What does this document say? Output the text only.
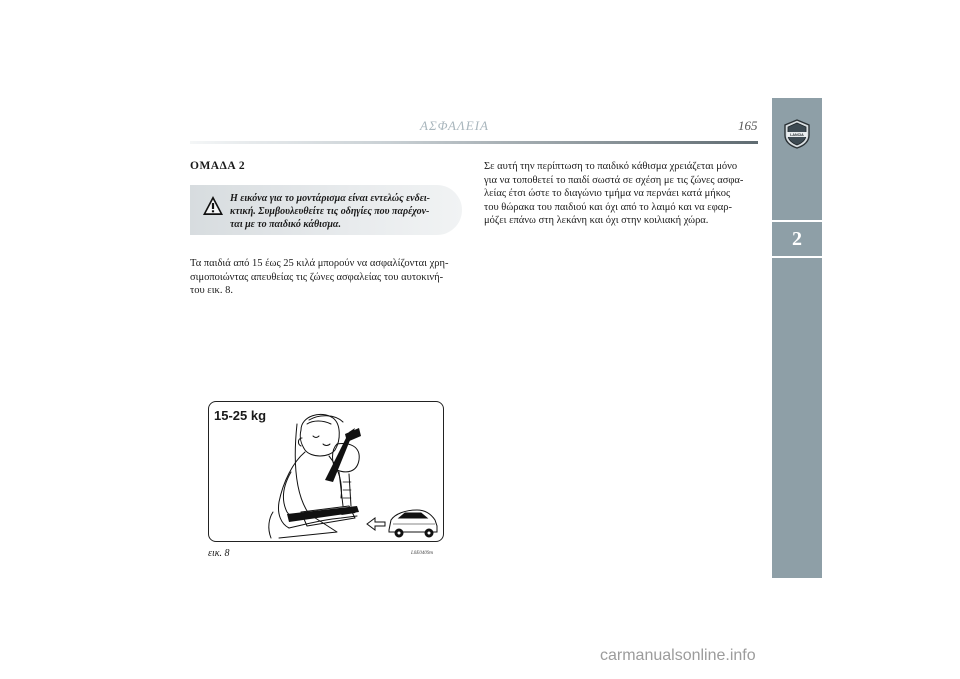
ΑΣΦΑΛΕΙΑ	165
LANCIA
2
ΟΜΑΔΑ 2
Η εικόνα για το μοντάρισμα είναι εντελώς ενδει-
κτική. Συμβουλευθείτε τις οδηγίες που παρέχον-
ται με το παιδικό κάθισμα.
Τα παιδιά από 15 έως 25 κιλά μπορούν να ασφαλίζονται χρη-
σιμοποιώντας απευθείας τις ζώνες ασφαλείας του αυτοκινή-
του εικ. 8.
Σε αυτή την περίπτωση το παιδικό κάθισμα χρειάζεται μόνο
για να τοποθετεί το παιδί σωστά σε σχέση με τις ζώνες ασφα-
λείας έτσι ώστε το διαγώνιο τμήμα να περνάει κατά μήκος
του θώρακα του παιδιού και όχι από το λαιμό και να εφαρ-
μόζει επάνω στη λεκάνη και όχι στην κοιλιακή χώρα.
15-25 kg
εικ. 8	L0E0409m
carmanualsonline.info
